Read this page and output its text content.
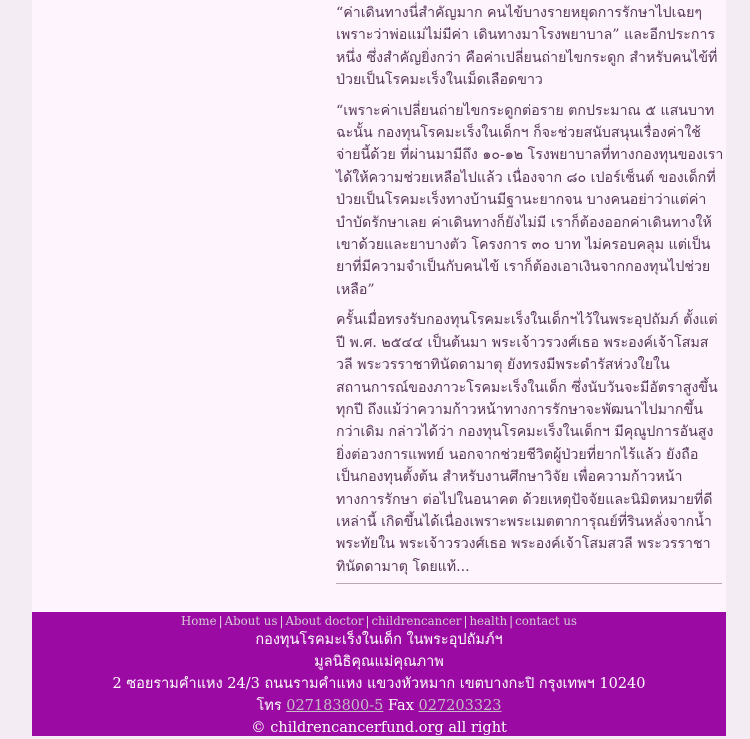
“ค่าเดินทางนี่สำคัญมาก คนไข้บางรายหยุดการรักษาไปเฉยๆ เพราะว่าพ่อแม่ไม่มีค่า เดินทางมาโรงพยาบาล” และอีกประการหนึ่ง ซึ่งสำคัญยิ่งกว่า คือค่าเปลี่ยนถ่ายไขกระดูก สำหรับคนไข้ที่ป่วยเป็นโรคมะเร็งในเม็ดเลือดขาว

“เพราะค่าเปลี่ยนถ่ายไขกระดูกต่อราย ตกประมาณ ๕ แสนบาท ฉะนั้น กองทุนโรคมะเร็งในเด็กฯ ก็จะช่วยสนับสนุนเรื่องค่าใช้จ่ายนี้ด้วย ที่ผ่านมามีถึง ๑๐-๑๒ โรงพยาบาลที่ทางกองทุนของเราได้ให้ความช่วยเหลือไปแล้ว เนื่องจาก ๘๐ เปอร์เซ็นต์ ของเด็กที่ป่วยเป็นโรคมะเร็งทางบ้านมีฐานะยากจน บางคนอย่าว่าแต่ค่าบำบัดรักษาเลย ค่าเดินทางก็ยังไม่มี เราก็ต้องออกค่าเดินทางให้เขาด้วยและยาบางตัว โครงการ ๓๐ บาท ไม่ครอบคลุม แต่เป็นยาที่มีความจำเป็นกับคนไข้ เราก็ต้องเอาเงินจากกองทุนไปช่วยเหลือ”

ครั้นเมื่อทรงรับกองทุนโรคมะเร็งในเด็กฯไว้ในพระอุปถัมภ์ ตั้งแต่ปี พ.ศ. ๒๕๔๔ เป็นต้นมา พระเจ้าวรวงศ์เธอ พระองค์เจ้าโสมสวลี พระวรราชาทินัดดามาตุ ยังทรงมีพระดำรัสห่วงใยในสถานการณ์ของภาวะโรคมะเร็งในเด็ก ซึ่งนับวันจะมีอัตราสูงขึ้นทุกปี ถึงแม้ว่าความก้าวหน้าทางการรักษาจะพัฒนาไปมากขึ้นกว่าเดิม กล่าวได้ว่า กองทุนโรคมะเร็งในเด็กฯ มีคุณูปการอันสูงยิ่งต่อวงการแพทย์ นอกจากช่วยชีวิตผู้ป่วยที่ยากไร้แล้ว ยังถือเป็นกองทุนตั้งต้น สำหรับงานศึกษาวิจัย เพื่อความก้าวหน้าทางการรักษา ต่อไปในอนาคต ด้วยเหตุปัจจัยและนิมิตหมายที่ดี เหล่านี้ เกิดขึ้นได้เนื่องเพราะพระเมตตาการุณย์ที่รินหลั่งจากน้ำพระทัยใน พระเจ้าวรวงศ์เธอ พระองค์เจ้าโสมสวลี พระวรราชาทินัดดามาตุ โดยแท้...

Home | About us | About doctor | childrencancer | health | contact us
กองทุนโรคมะเร็งในเด็ก ในพระอุปถัมภ์ฯ
มูลนิธิคุณแม่คุณภาพ
2 ซอยรามคำแหง 24/3 ถนนรามคำแหง แขวงหัวหมาก เขตบางกะปิ กรุงเทพฯ 10240
โทร 027183800-5 Fax 027203323
© childrencancerfund.org all right
